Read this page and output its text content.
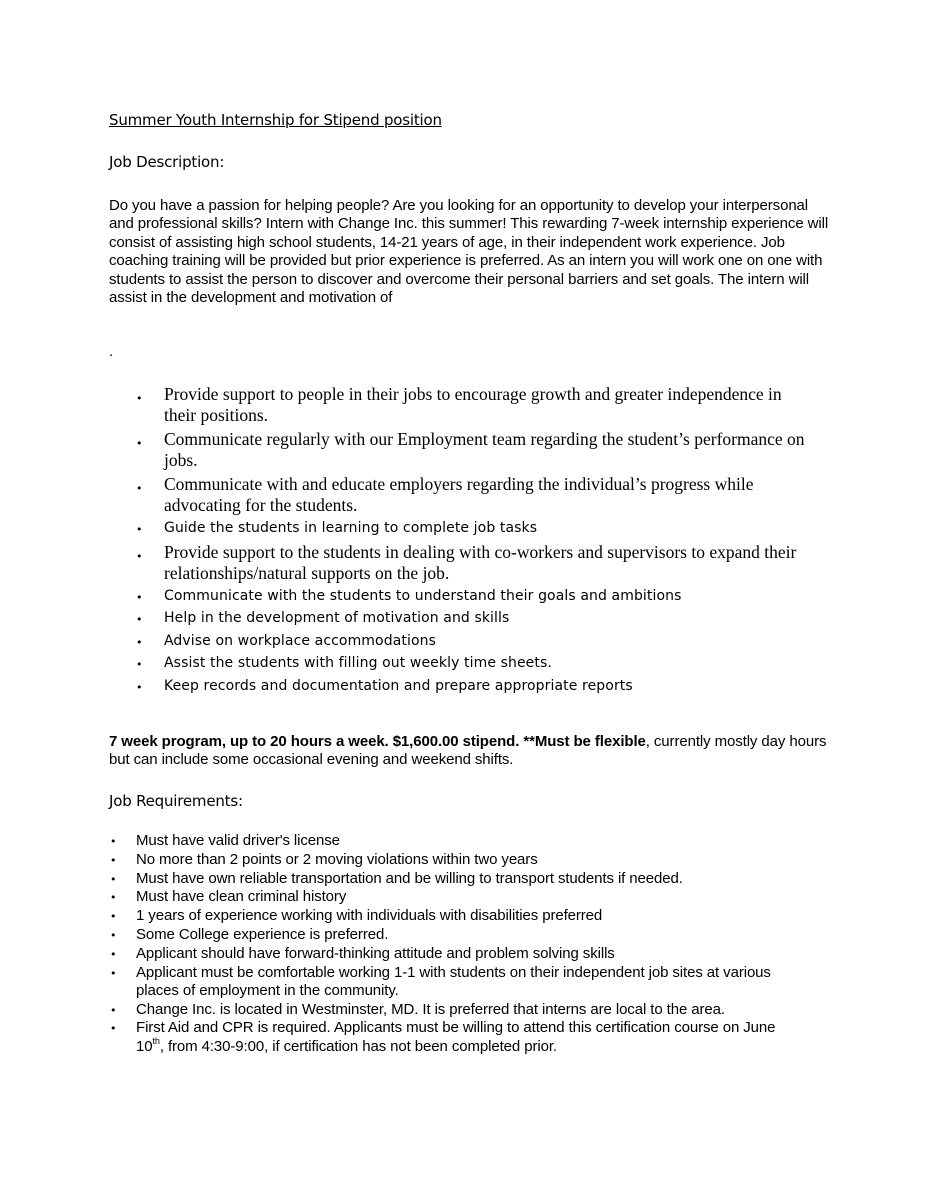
Summer Youth Internship for Stipend position
Job Description:
Do you have a passion for helping people? Are you looking for an opportunity to develop your interpersonal and professional skills? Intern with Change Inc. this summer! This rewarding 7-week internship experience will consist of assisting high school students, 14-21 years of age, in their independent work experience. Job coaching training will be provided but prior experience is preferred. As an intern you will work one on one with students to assist the person to discover and overcome their personal barriers and set goals. The intern will assist in the development and motivation of
.
• Provide support to people in their jobs to encourage growth and greater independence in their positions.
• Communicate regularly with our Employment team regarding the student’s performance on jobs.
• Communicate with and educate employers regarding the individual’s progress while advocating for the students.
• Guide the students in learning to complete job tasks
• Provide support to the students in dealing with co-workers and supervisors to expand their relationships/natural supports on the job.
• Communicate with the students to understand their goals and ambitions
• Help in the development of motivation and skills
• Advise on workplace accommodations
• Assist the students with filling out weekly time sheets.
• Keep records and documentation and prepare appropriate reports
7 week program, up to 20 hours a week. $1,600.00 stipend. **Must be flexible, currently mostly day hours but can include some occasional evening and weekend shifts.
Job Requirements:
• Must have valid driver's license
• No more than 2 points or 2 moving violations within two years
• Must have own reliable transportation and be willing to transport students if needed.
• Must have clean criminal history
• 1 years of experience working with individuals with disabilities preferred
• Some College experience is preferred.
• Applicant should have forward-thinking attitude and problem solving skills
• Applicant must be comfortable working 1-1 with students on their independent job sites at various places of employment in the community.
• Change Inc. is located in Westminster, MD. It is preferred that interns are local to the area.
• First Aid and CPR is required. Applicants must be willing to attend this certification course on June 10th, from 4:30-9:00, if certification has not been completed prior.
